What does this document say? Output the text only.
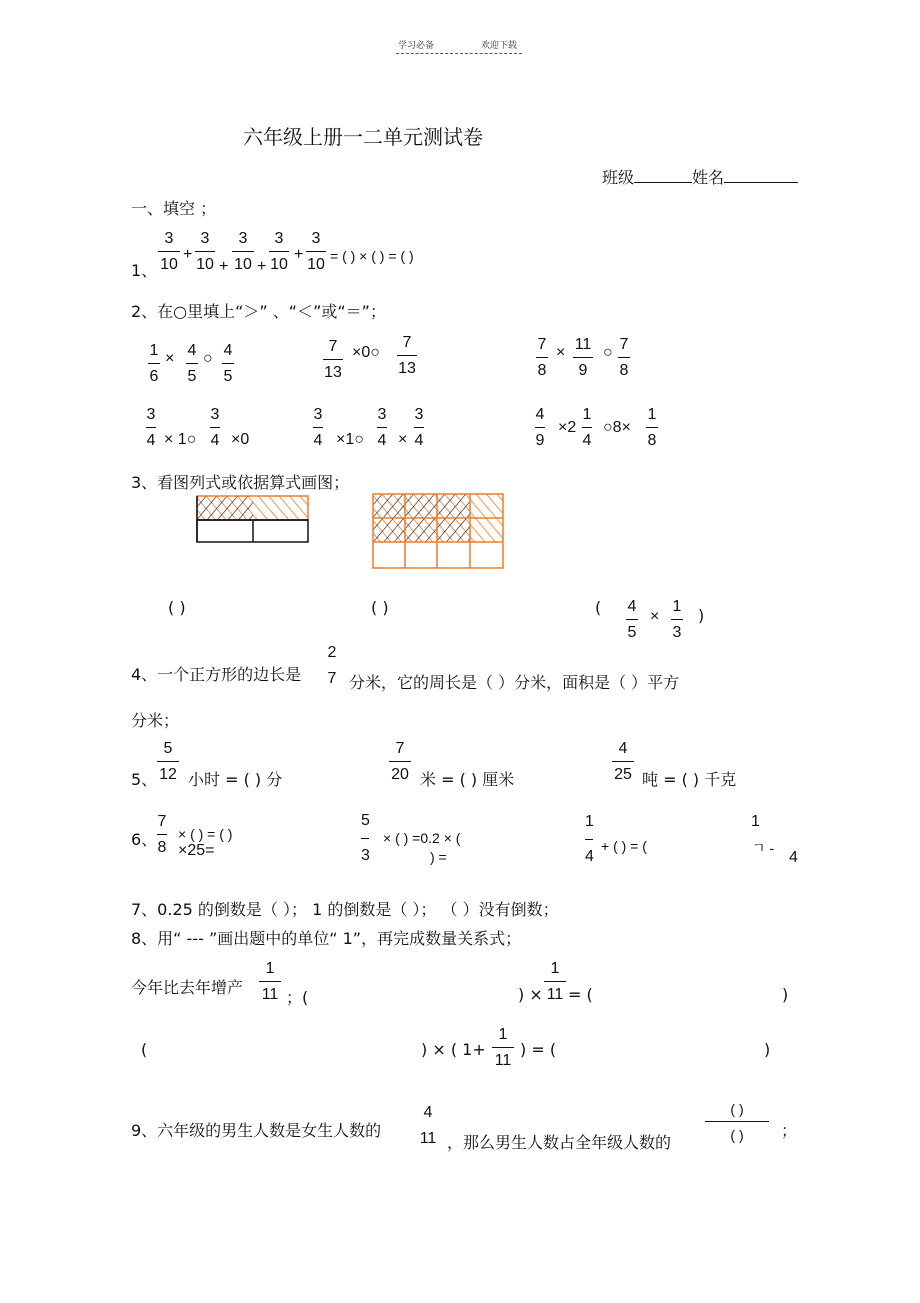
学习必备	欢迎下载
六年级上册一二单元测试卷
班级	姓名
一、填空 ；
1、
3
10
+
3
10 +
3
10 +
3
10
+
3
10 = ( ) × ( ) = ( )
2、在○里填上“＞” 、“＜”或“＝”；
1
6
× 4
5
○ 4
5
7
13
×0○
7
13
7
8
× 11
9
○ 7
8
3
4 × 1○
3
4 ×0
3
4 ×1○
3
4 ×
3
4
4
9
×2
1
4
○8×
1
8
3、看图列式或依据算式画图；
( )	( )	( 4
5
×
1
3
)
4、一个正方形的边长是
2
7 分米，它的周长是（ ）分米，面积是（ ）平方
分米；
5、
5
12 小时 = ( ) 分
7
20 米 = ( ) 厘米
4
25 吨 = ( ) 千克
6、
7
8
× ( ) = ( )
×25=
5
3
× ( ) =0.2 × (
) =
1
4
+ ( ) = (
1
ㄱ -
4
7、0.25 的倒数是（ ）； 1 的倒数是（ ）； （ ）没有倒数；
8、用“ --- ”画出题中的单位“ 1”，再完成数量关系式；
今年比去年增产
1
11 ；(	) ×
1
11 = (	)
(	) × ( 1+
1
11
) = (	)
9、六年级的男生人数是女生人数的
4
11 ，那么男生人数占全年级人数的
( )
( )	；
